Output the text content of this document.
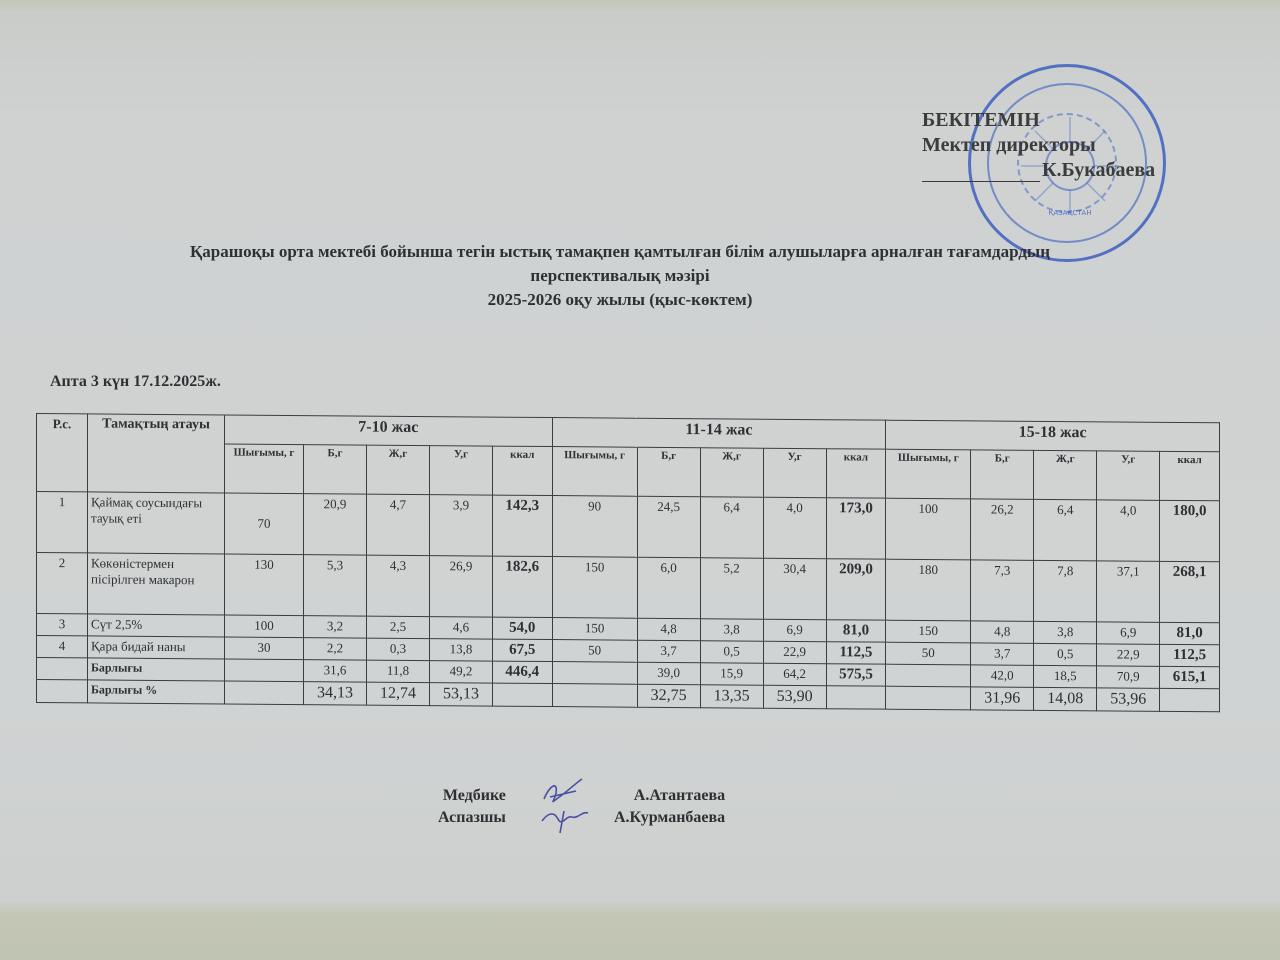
ҚАЗАҚСТАН
БЕКІТЕМІН
Мектеп директоры
К.Букабаева
Қарашоқы орта мектебі бойынша тегін ыстық тамақпен қамтылған білім алушыларға арналған тағамдардың
перспективалық мәзірі
2025-2026 оқу жылы (қыс-көктем)
Апта 3 күн 17.12.2025ж.
Р.с.	Тамақтың атауы	7-10 жас					11-14 жас					15-18 жас				
		Шығымы, г	Б,г	Ж,г	У,г	ккал	Шығымы, г	Б,г	Ж,г	У,г	ккал	Шығымы, г	Б,г	Ж,г	У,г	ккал
1	Қаймақ соусындағы тауық еті	70	20,9	4,7	3,9	142,3	90	24,5	6,4	4,0	173,0	100	26,2	6,4	4,0	180,0
2	Көкөністермен пісірілген макарон	130	5,3	4,3	26,9	182,6	150	6,0	5,2	30,4	209,0	180	7,3	7,8	37,1	268,1
3	Сүт 2,5%	100	3,2	2,5	4,6	54,0	150	4,8	3,8	6,9	81,0	150	4,8	3,8	6,9	81,0
4	Қара бидай наны	30	2,2	0,3	13,8	67,5	50	3,7	0,5	22,9	112,5	50	3,7	0,5	22,9	112,5
	Барлығы		31,6	11,8	49,2	446,4		39,0	15,9	64,2	575,5		42,0	18,5	70,9	615,1
	Барлығы %		34,13	12,74	53,13			32,75	13,35	53,90			31,96	14,08	53,96	
Медбике
Аспазшы
А.Атантаева
А.Курманбаева
